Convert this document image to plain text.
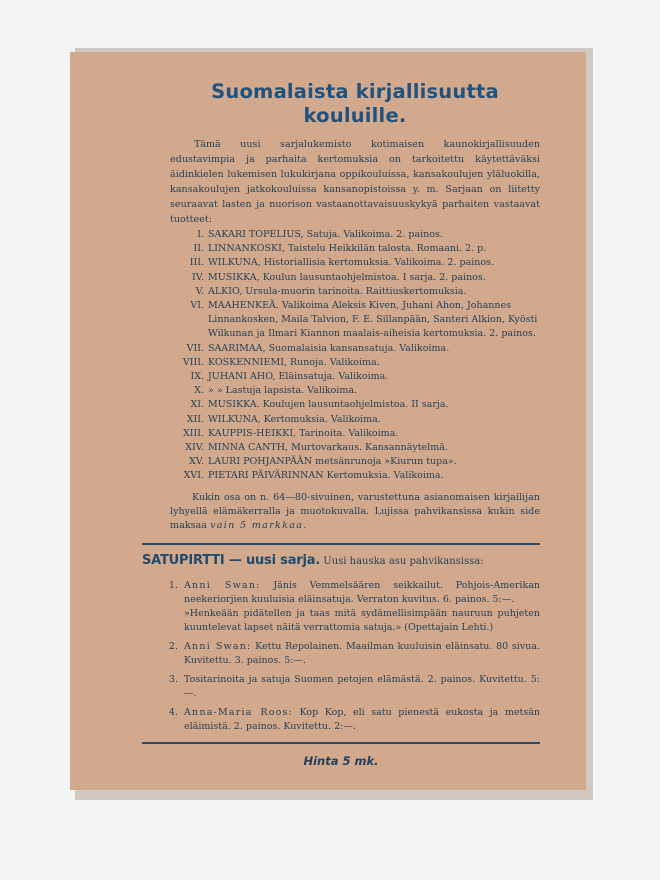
Suomalaista kirjallisuutta
kouluille.

Tämä uusi sarjalukemisto kotimaisen kaunokirjallisuuden edustavimpia ja parhaita kertomuksia on tarkoitettu käytettäväksi äidinkielen lukemisen lukukirjana oppikouluissa, kansakoulujen yläluokilla, kansakoulujen jatkokouluissa kansanopistoissa y. m. Sarjaan on liitetty seuraavat lasten ja nuorison vastaanottavaisuuskykyä parhaiten vastaavat tuotteet:

I. SAKARI TOPELIUS, Satuja. Valikoima. 2. painos.
II. LINNANKOSKI, Taistelu Heikkilän talosta. Romaani. 2. p.
III. WILKUNA, Historiallisia kertomuksia. Valikoima. 2. painos.
IV. MUSIKKA, Koulun lausuntaohjelmistoa. I sarja. 2. painos.
V. ALKIO, Ursula-muorin tarinoita. Raittiuskertomuksia.
VI. MAAHENKEÄ. Valikoima Aleksis Kiven, Juhani Ahon, Johannes Linnankosken, Maila Talvion, F. E. Sillanpään, Santeri Alkion, Kyösti Wilkunan ja Ilmari Kiannon maalais-aiheisia kertomuksia. 2. painos.
VII. SAARIMAA, Suomalaisia kansansatuja. Valikoima.
VIII. KOSKENNIEMI, Runoja. Valikoima.
IX. JUHANI AHO, Eläinsatuja. Valikoima.
X. » » Lastuja lapsista. Valikoima.
XI. MUSIKKA. Koulujen lausuntaohjelmistoa. II sarja.
XII. WILKUNA, Kertomuksia. Valikoima.
XIII. KAUPPIS-HEIKKI, Tarinoita. Valikoima.
XIV. MINNA CANTH, Murtovarkaus. Kansannäytelmä.
XV. LAURI POHJANPÄÄN metsänrunoja »Kiurun tupa».
XVI. PIETARI PÄIVÄRINNAN Kertomuksia. Valikoima.

Kukin osa on n. 64—80-sivuinen, varustettuna asianomaisen kirjailijan lyhyellä elämäkerralla ja muotokuvalla. Lujissa pahvikansissa kukin side maksaa vain 5 markkaa.

SATUPIRTTI — uusi sarja. Uusi hauska asu pahvikansissa:
1. Anni Swan: Jänis Vemmelsäären seikkailut. Pohjois-Amerikan neekeriorjien kuuluisia eläinsatuja. Verraton kuvitus. 6. painos. 5:—.
»Henkeään pidätellen ja taas mitä sydämellisimpään nauruun puhjeten kuuntelevat lapset näitä verrattomia satuja.» (Opettajain Lehti.)
2. Anni Swan: Kettu Repolainen. Maailman kuuluisin eläinsatu. 80 sivua. Kuvitettu. 3. painos. 5:—.
3. Tositarinoita ja satuja Suomen petojen elämästä. 2. painos. Kuvitettu. 5:—.
4. Anna-Maria Roos: Kop Kop, eli satu pienestä eukosta ja metsän eläimistä. 2. painos. Kuvitettu. 2:—.
Hinta 5 mk.
